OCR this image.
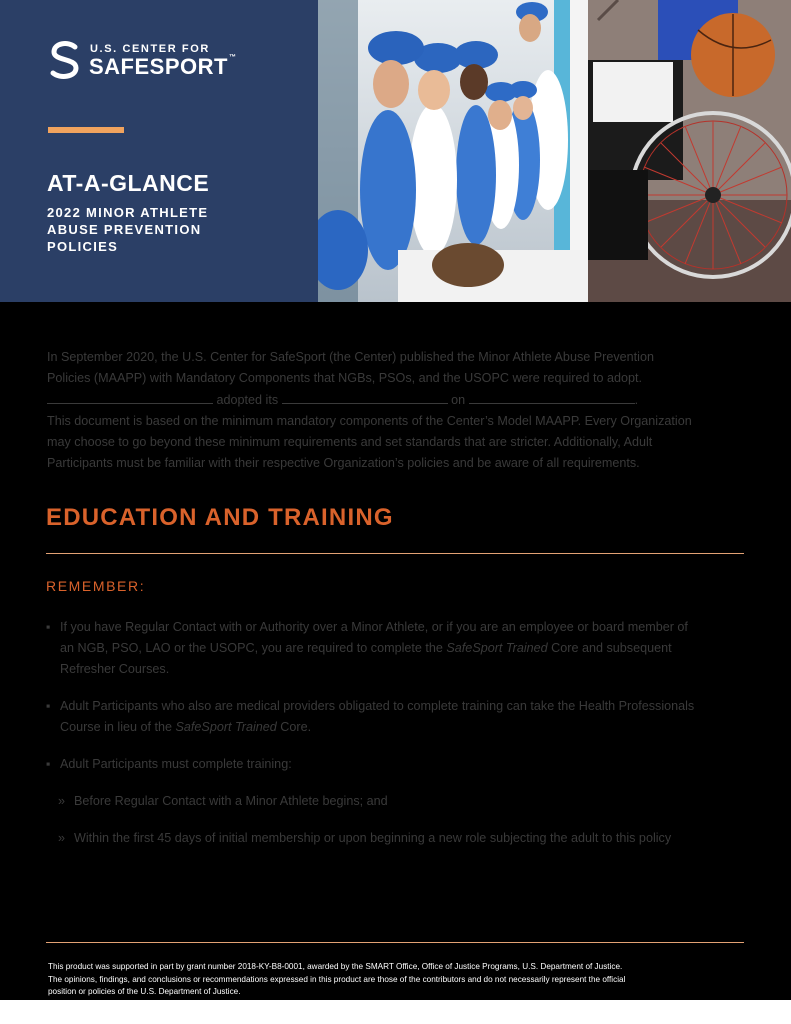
U.S. CENTER FOR
SAFESPORT™
AT-A-GLANCE
2022 MINOR ATHLETE
ABUSE PREVENTION
POLICIES
In September 2020, the U.S. Center for SafeSport (the Center) published the Minor Athlete Abuse Prevention
Policies (MAAPP) with Mandatory Components that NGBs, PSOs, and the USOPC were required to adopt.
adopted its	on	.
This document is based on the minimum mandatory components of the Center’s Model MAAPP. Every Organization
may choose to go beyond these minimum requirements and set standards that are stricter. Additionally, Adult
Participants must be familiar with their respective Organization’s policies and be aware of all requirements.
EDUCATION AND TRAINING
REMEMBER:
▪ If you have Regular Contact with or Authority over a Minor Athlete, or if you are an employee or board member of
an NGB, PSO, LAO or the USOPC, you are required to complete the SafeSport Trained Core and subsequent
Refresher Courses.
▪ Adult Participants who also are medical providers obligated to complete training can take the Health Professionals
Course in lieu of the SafeSport Trained Core.
▪ Adult Participants must complete training:
» Before Regular Contact with a Minor Athlete begins; and
» Within the first 45 days of initial membership or upon beginning a new role subjecting the adult to this policy
This product was supported in part by grant number 2018-KY-B8-0001, awarded by the SMART Office, Office of Justice Programs, U.S. Department of Justice.
The opinions, findings, and conclusions or recommendations expressed in this product are those of the contributors and do not necessarily represent the official
position or policies of the U.S. Department of Justice.
